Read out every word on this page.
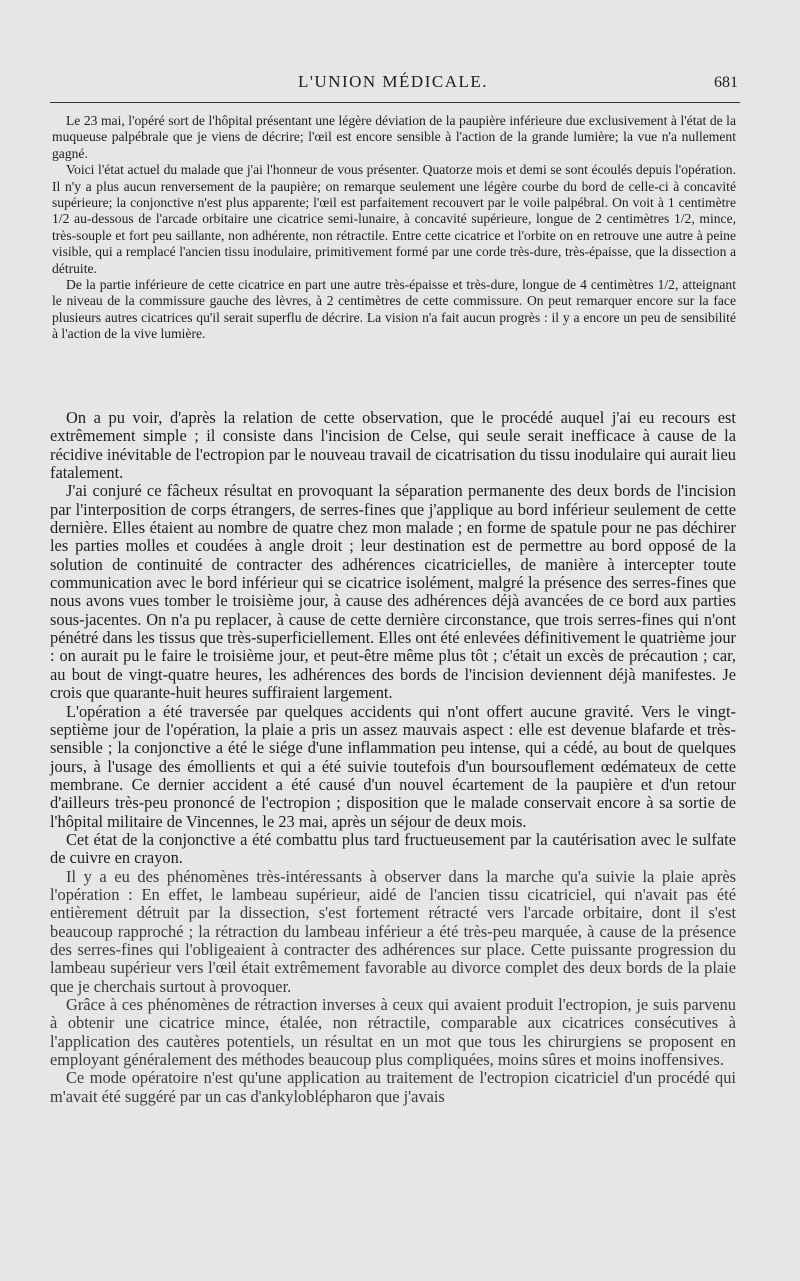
L'UNION MÉDICALE.	681

Le 23 mai, l'opéré sort de l'hôpital présentant une légère déviation de la paupière inférieure due exclusivement à l'état de la muqueuse palpébrale que je viens de décrire; l'œil est encore sensible à l'action de la grande lumière; la vue n'a nullement gagné.

Voici l'état actuel du malade que j'ai l'honneur de vous présenter. Quatorze mois et demi se sont écoulés depuis l'opération. Il n'y a plus aucun renversement de la paupière; on remarque seulement une légère courbe du bord de celle-ci à concavité supérieure; la conjonctive n'est plus apparente; l'œil est parfaitement recouvert par le voile palpébral. On voit à 1 centimètre 1/2 au-dessous de l'arcade orbitaire une cicatrice semi-lunaire, à concavité supérieure, longue de 2 centimètres 1/2, mince, très-souple et fort peu saillante, non adhérente, non rétractile. Entre cette cicatrice et l'orbite on en retrouve une autre à peine visible, qui a remplacé l'ancien tissu inodulaire, primitivement formé par une corde très-dure, très-épaisse, que la dissection a détruite.

De la partie inférieure de cette cicatrice en part une autre très-épaisse et très-dure, longue de 4 centimètres 1/2, atteignant le niveau de la commissure gauche des lèvres, à 2 centimètres de cette commissure. On peut remarquer encore sur la face plusieurs autres cicatrices qu'il serait superflu de décrire. La vision n'a fait aucun progrès : il y a encore un peu de sensibilité à l'action de la vive lumière.

On a pu voir, d'après la relation de cette observation, que le procédé auquel j'ai eu recours est extrêmement simple ; il consiste dans l'incision de Celse, qui seule serait inefficace à cause de la récidive inévitable de l'ectropion par le nouveau travail de cicatrisation du tissu inodulaire qui aurait lieu fatalement.

J'ai conjuré ce fâcheux résultat en provoquant la séparation permanente des deux bords de l'incision par l'interposition de corps étrangers, de serres-fines que j'applique au bord inférieur seulement de cette dernière. Elles étaient au nombre de quatre chez mon malade ; en forme de spatule pour ne pas déchirer les parties molles et coudées à angle droit ; leur destination est de permettre au bord opposé de la solution de continuité de contracter des adhérences cicatricielles, de manière à intercepter toute communication avec le bord inférieur qui se cicatrice isolément, malgré la présence des serres-fines que nous avons vues tomber le troisième jour, à cause des adhérences déjà avancées de ce bord aux parties sous-jacentes. On n'a pu replacer, à cause de cette dernière circonstance, que trois serres-fines qui n'ont pénétré dans les tissus que très-superficiellement. Elles ont été enlevées définitivement le quatrième jour : on aurait pu le faire le troisième jour, et peut-être même plus tôt ; c'était un excès de précaution ; car, au bout de vingt-quatre heures, les adhérences des bords de l'incision deviennent déjà manifestes. Je crois que quarante-huit heures suffiraient largement.

L'opération a été traversée par quelques accidents qui n'ont offert aucune gravité. Vers le vingt-septième jour de l'opération, la plaie a pris un assez mauvais aspect : elle est devenue blafarde et très-sensible ; la conjonctive a été le siége d'une inflammation peu intense, qui a cédé, au bout de quelques jours, à l'usage des émollients et qui a été suivie toutefois d'un boursouflement œdémateux de cette membrane. Ce dernier accident a été causé d'un nouvel écartement de la paupière et d'un retour d'ailleurs très-peu prononcé de l'ectropion ; disposition que le malade conservait encore à sa sortie de l'hôpital militaire de Vincennes, le 23 mai, après un séjour de deux mois.

Cet état de la conjonctive a été combattu plus tard fructueusement par la cautérisation avec le sulfate de cuivre en crayon.

Il y a eu des phénomènes très-intéressants à observer dans la marche qu'a suivie la plaie après l'opération : En effet, le lambeau supérieur, aidé de l'ancien tissu cicatriciel, qui n'avait pas été entièrement détruit par la dissection, s'est fortement rétracté vers l'arcade orbitaire, dont il s'est beaucoup rapproché ; la rétraction du lambeau inférieur a été très-peu marquée, à cause de la présence des serres-fines qui l'obligeaient à contracter des adhérences sur place. Cette puissante progression du lambeau supérieur vers l'œil était extrêmement favorable au divorce complet des deux bords de la plaie que je cherchais surtout à provoquer.

Grâce à ces phénomènes de rétraction inverses à ceux qui avaient produit l'ectropion, je suis parvenu à obtenir une cicatrice mince, étalée, non rétractile, comparable aux cicatrices consécutives à l'application des cautères potentiels, un résultat en un mot que tous les chirurgiens se proposent en employant généralement des méthodes beaucoup plus compliquées, moins sûres et moins inoffensives.

Ce mode opératoire n'est qu'une application au traitement de l'ectropion cicatriciel d'un procédé qui m'avait été suggéré par un cas d'ankyloblépharon que j'avais
